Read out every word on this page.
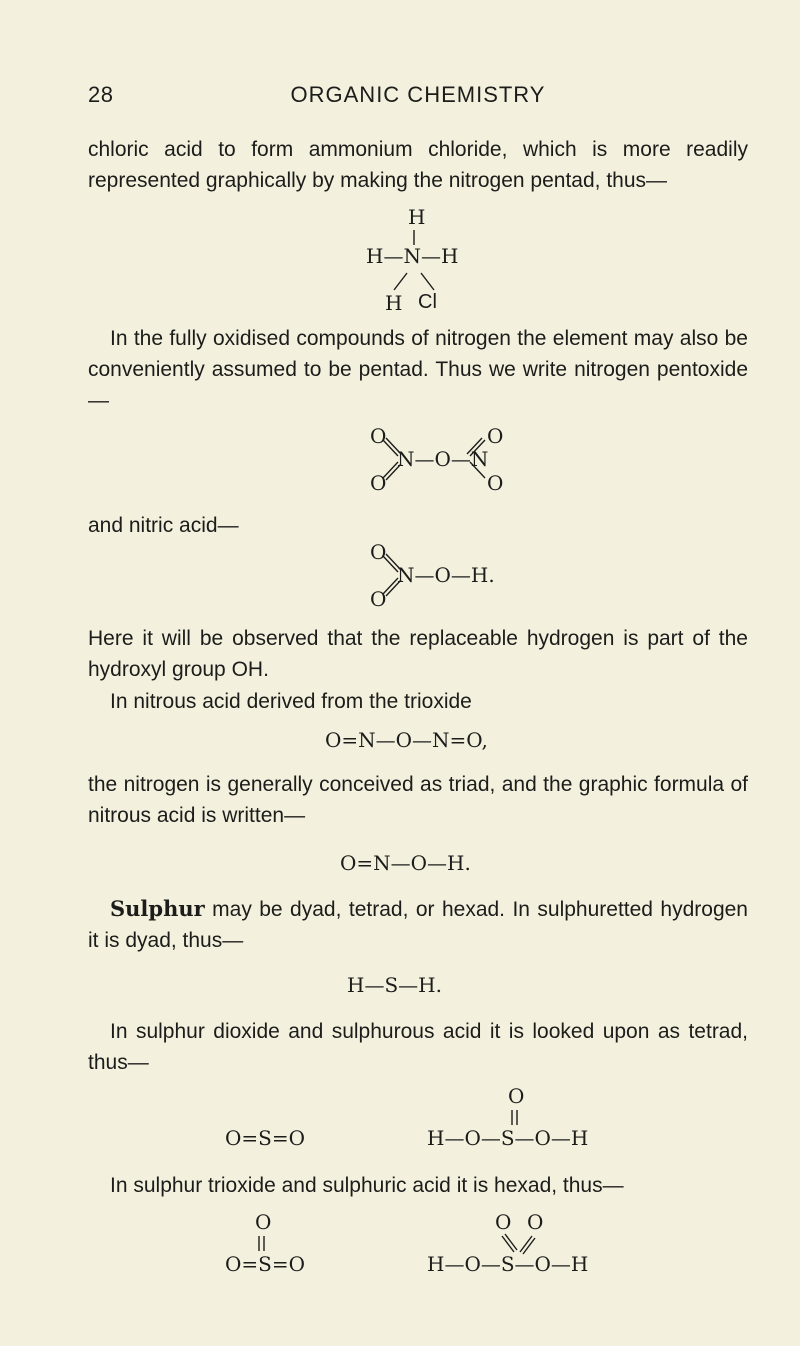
28	ORGANIC CHEMISTRY
chloric acid to form ammonium chloride, which is more readily represented graphically by making the nitrogen pentad, thus—
H
H—N—H
H Cl
In the fully oxidised compounds of nitrogen the element may also be conveniently assumed to be pentad. Thus we write nitrogen pentoxide—
O
O
N—O—N
O
O
and nitric acid—
O
O
N—O—H.
Here it will be observed that the replaceable hydrogen is part of the hydroxyl group OH.
In nitrous acid derived from the trioxide
O=N—O—N=O,
the nitrogen is generally conceived as triad, and the graphic formula of nitrous acid is written—
O=N—O—H.
Sulphur may be dyad, tetrad, or hexad. In sulphuretted hydrogen it is dyad, thus—
H—S—H.
In sulphur dioxide and sulphurous acid it is looked upon as tetrad, thus—
O=S=O
O
H—O—S—O—H
In sulphur trioxide and sulphuric acid it is hexad, thus—
O
O=S=O
O O
H—O—S—O—H
